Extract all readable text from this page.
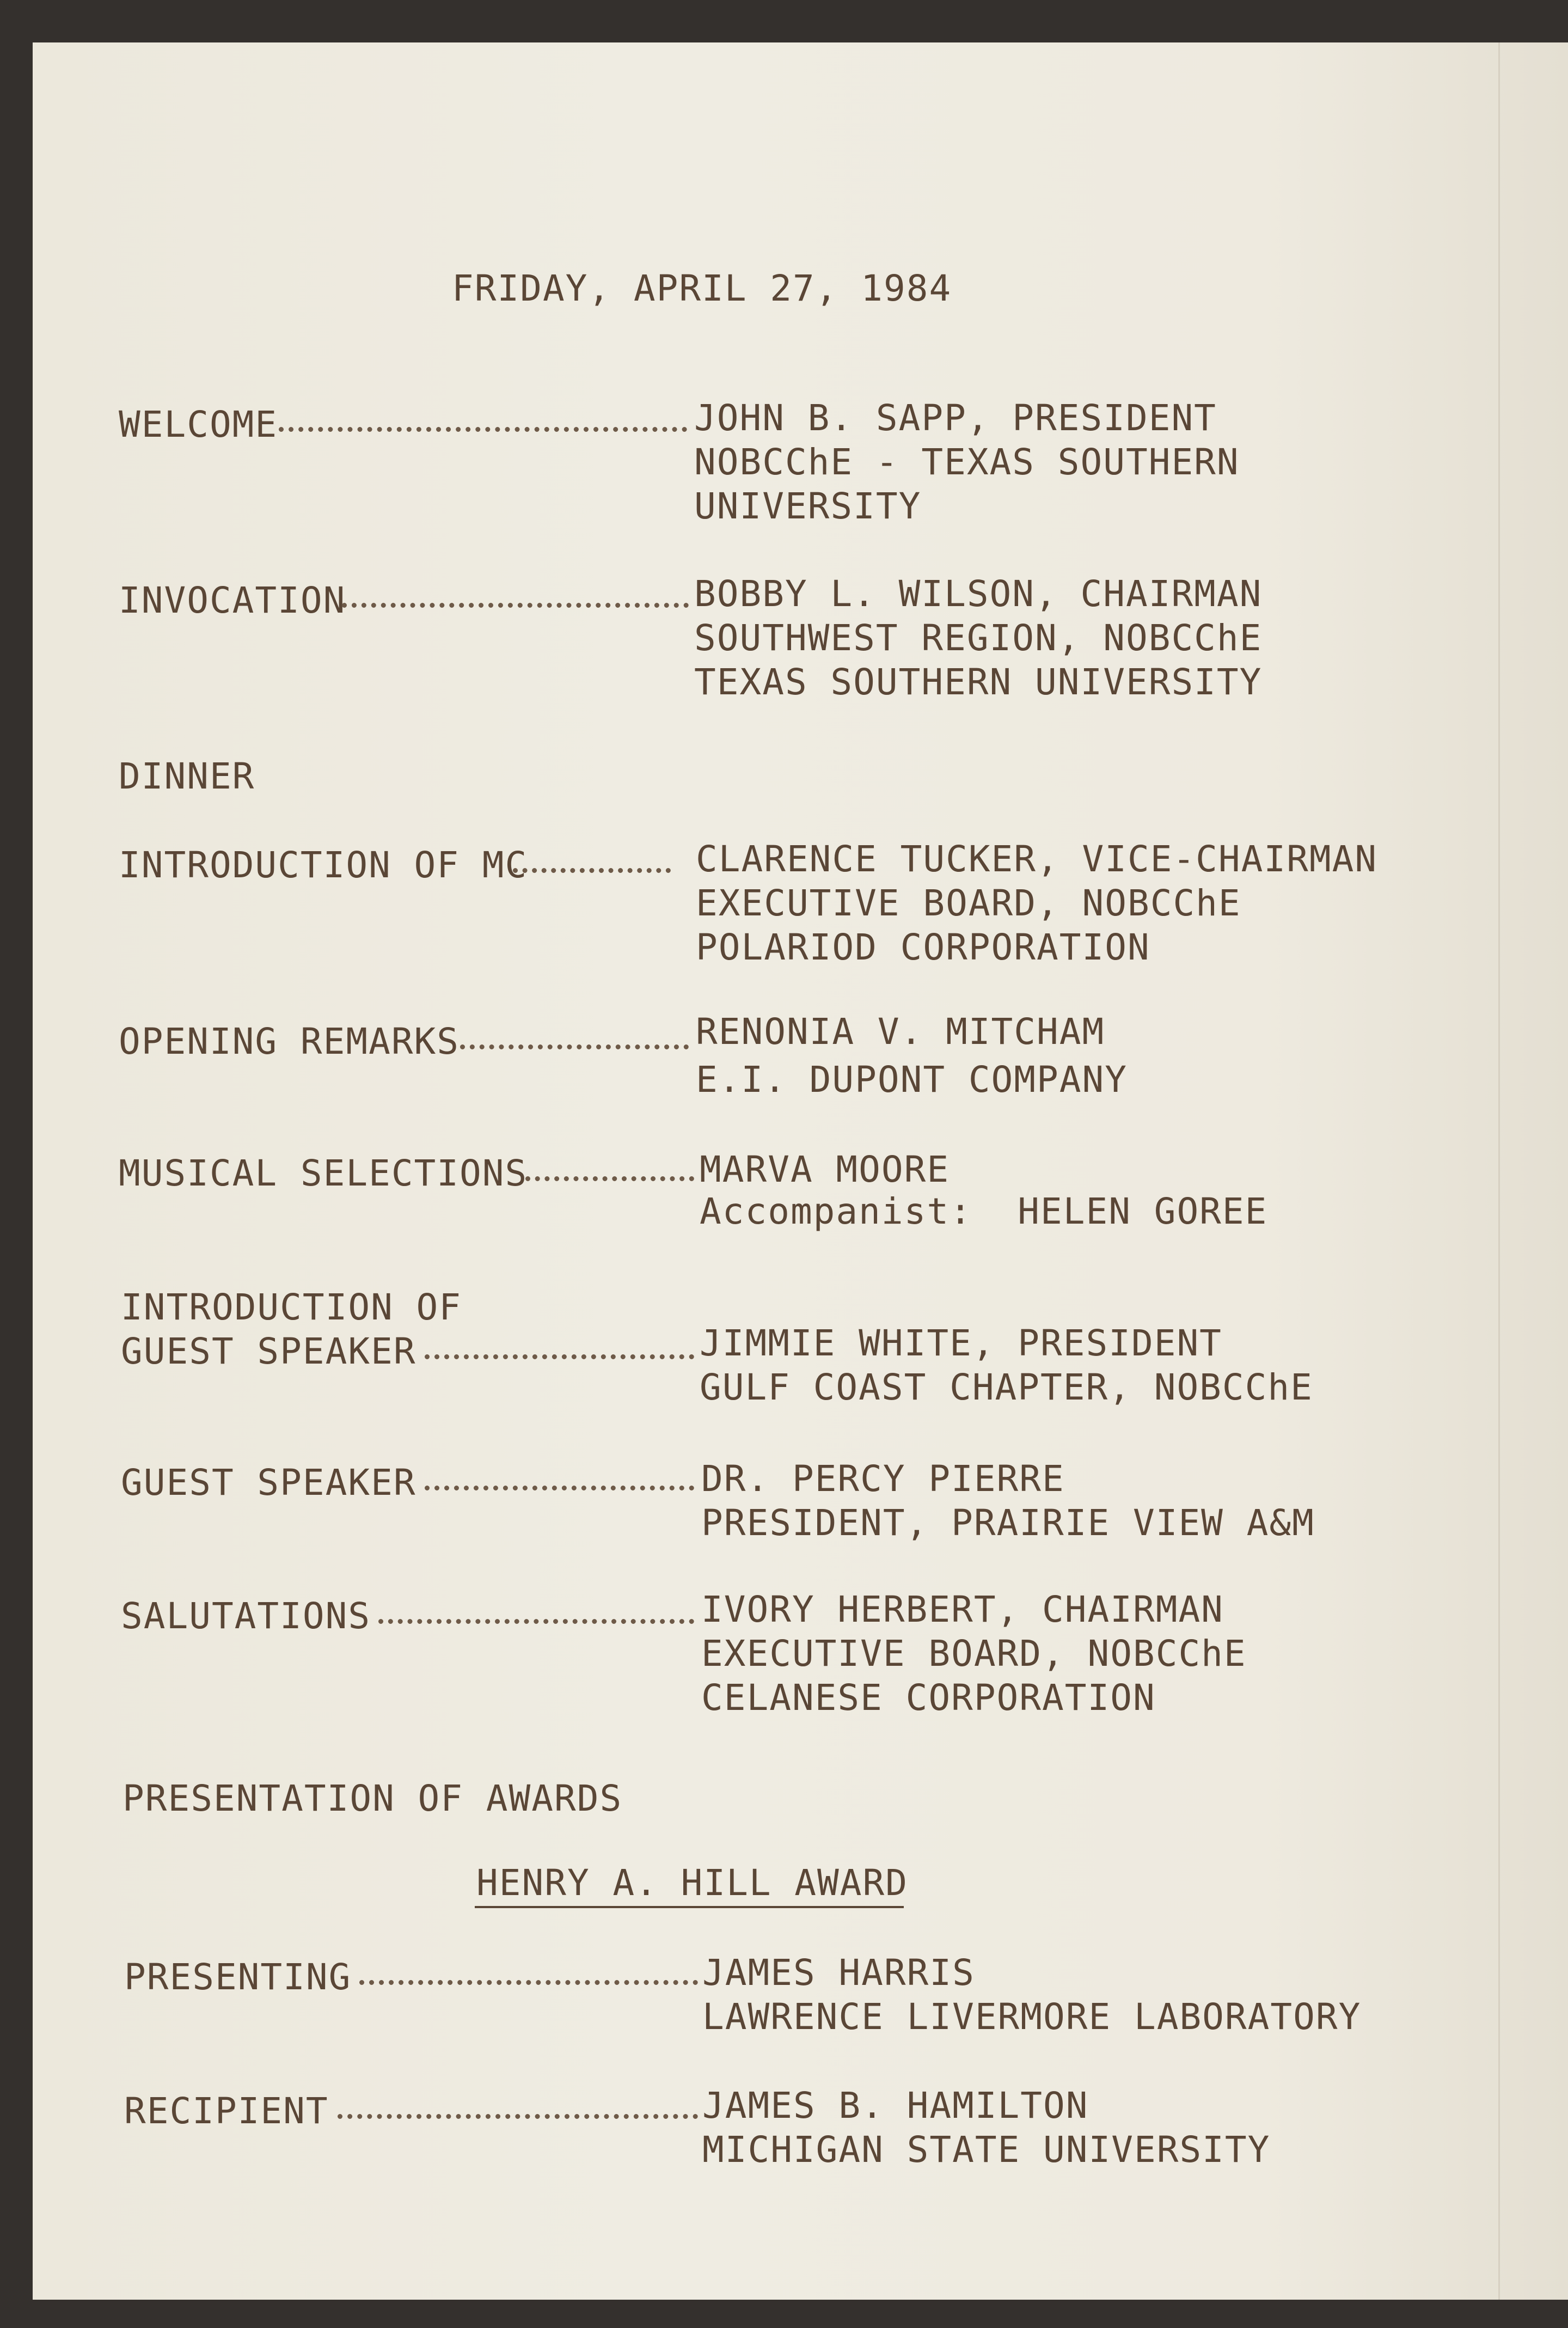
FRIDAY, APRIL 27, 1984
WELCOME	JOHN B. SAPP, PRESIDENT
NOBCChE - TEXAS SOUTHERN
UNIVERSITY
INVOCATION	BOBBY L. WILSON, CHAIRMAN
SOUTHWEST REGION, NOBCChE
TEXAS SOUTHERN UNIVERSITY
DINNER
INTRODUCTION OF MC	CLARENCE TUCKER, VICE-CHAIRMAN
EXECUTIVE BOARD, NOBCChE
POLARIOD CORPORATION
OPENING REMARKS	RENONIA V. MITCHAM
E.I. DUPONT COMPANY
MUSICAL SELECTIONS	MARVA MOORE
Accompanist:  HELEN GOREE
INTRODUCTION OF
GUEST SPEAKER	JIMMIE WHITE, PRESIDENT
GULF COAST CHAPTER, NOBCChE
GUEST SPEAKER	DR. PERCY PIERRE
PRESIDENT, PRAIRIE VIEW A&M
SALUTATIONS	IVORY HERBERT, CHAIRMAN
EXECUTIVE BOARD, NOBCChE
CELANESE CORPORATION
PRESENTATION OF AWARDS
HENRY A. HILL AWARD
PRESENTING	JAMES HARRIS
LAWRENCE LIVERMORE LABORATORY
RECIPIENT	JAMES B. HAMILTON
MICHIGAN STATE UNIVERSITY
